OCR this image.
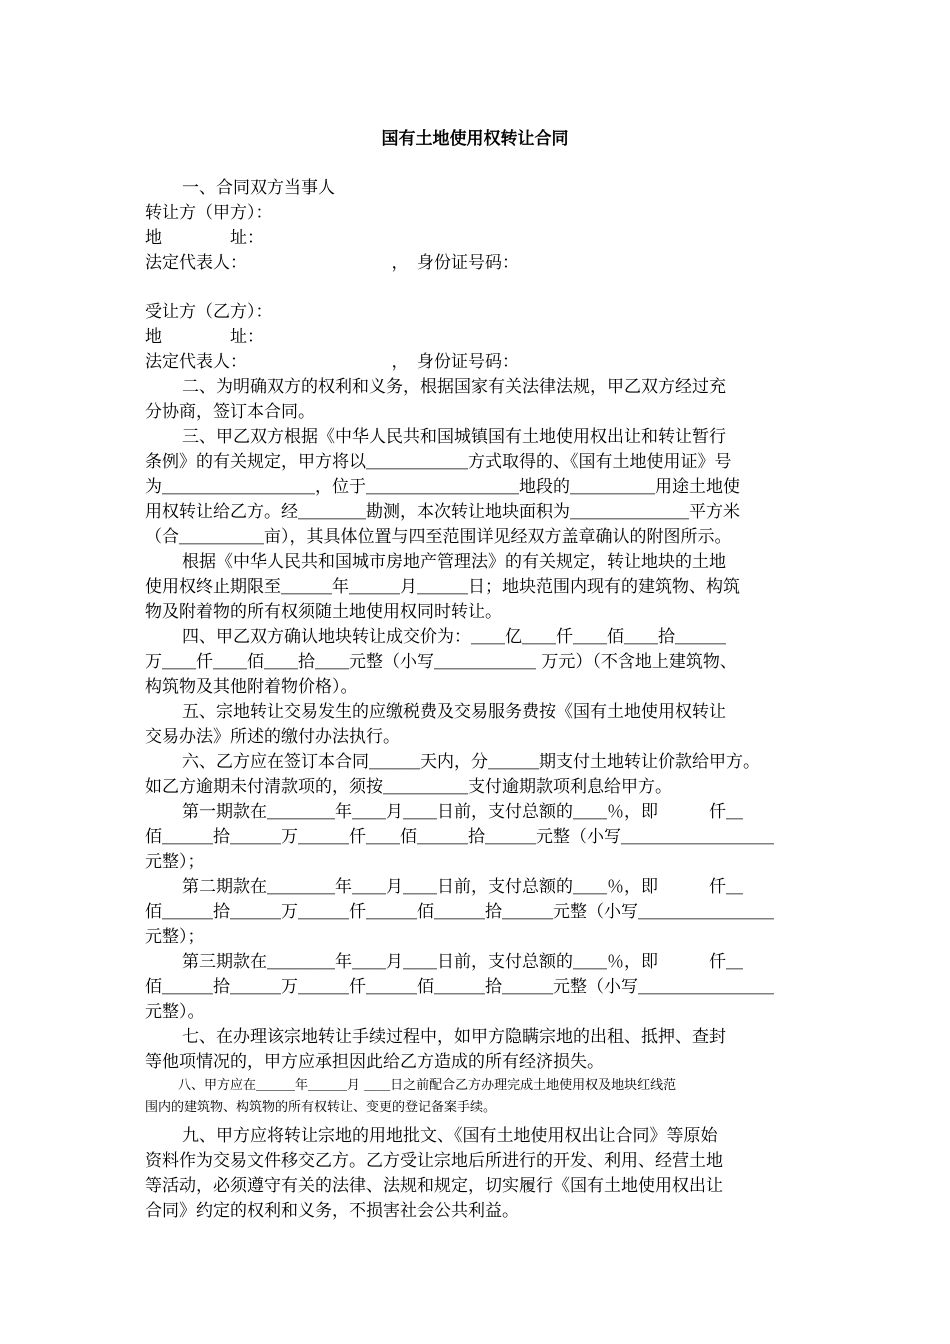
国有土地使用权转让合同
一、合同双方当事人
转让方（甲方）：
地　　　　址：
法定代表人：　　　　　　　　　，　身份证号码：
受让方（乙方）：
地　　　　址：
法定代表人：　　　　　　　　　，　身份证号码：
二、为明确双方的权利和义务，根据国家有关法律法规，甲乙双方经过充
分协商，签订本合同。
三、甲乙双方根据《中华人民共和国城镇国有土地使用权出让和转让暂行
条例》的有关规定，甲方将以＿＿＿＿＿＿方式取得的、《国有土地使用证》号
为＿＿＿＿＿＿＿＿＿，位于＿＿＿＿＿＿＿＿＿地段的＿＿＿＿＿用途土地使
用权转让给乙方。经＿＿＿＿勘测，本次转让地块面积为＿＿＿＿＿＿＿平方米
（合＿＿＿＿＿亩），其具体位置与四至范围详见经双方盖章确认的附图所示。
根据《中华人民共和国城市房地产管理法》的有关规定，转让地块的土地
使用权终止期限至＿＿＿年＿＿＿月＿＿＿日；地块范围内现有的建筑物、构筑
物及附着物的所有权须随土地使用权同时转让。
四、甲乙双方确认地块转让成交价为：＿＿亿＿＿仟＿＿佰＿＿拾＿＿＿
万＿＿仟＿＿佰＿＿拾＿＿元整（小写＿＿＿＿＿＿ 万元）（不含地上建筑物、
构筑物及其他附着物价格）。
五、宗地转让交易发生的应缴税费及交易服务费按《国有土地使用权转让
交易办法》所述的缴付办法执行。
六、乙方应在签订本合同＿＿＿天内，分＿＿＿期支付土地转让价款给甲方。
如乙方逾期未付清款项的，须按＿＿＿＿＿支付逾期款项利息给甲方。
第一期款在＿＿＿＿年＿＿月＿＿日前，支付总额的＿＿％，即　　　仟＿
佰＿＿＿拾＿＿＿万＿＿＿仟＿＿佰＿＿＿拾＿＿＿元整（小写＿＿＿＿＿＿＿＿＿
元整）；
第二期款在＿＿＿＿年＿＿月＿＿日前，支付总额的＿＿％，即　　　仟＿
佰＿＿＿拾＿＿＿万＿＿＿仟＿＿＿佰＿＿＿拾＿＿＿元整（小写＿＿＿＿＿＿＿＿
元整）；
第三期款在＿＿＿＿年＿＿月＿＿日前，支付总额的＿＿％，即　　　仟＿
佰＿＿＿拾＿＿＿万＿＿＿仟＿＿＿佰＿＿＿拾＿＿＿元整（小写＿＿＿＿＿＿＿＿
元整）。
七、在办理该宗地转让手续过程中，如甲方隐瞒宗地的出租、抵押、查封
等他项情况的，甲方应承担因此给乙方造成的所有经济损失。
八、甲方应在＿＿＿年＿＿＿月 ＿＿日之前配合乙方办理完成土地使用权及地块红线范
围内的建筑物、构筑物的所有权转让、变更的登记备案手续。
九、甲方应将转让宗地的用地批文、《国有土地使用权出让合同》等原始
资料作为交易文件移交乙方。乙方受让宗地后所进行的开发、利用、经营土地
等活动，必须遵守有关的法律、法规和规定，切实履行《国有土地使用权出让
合同》约定的权利和义务，不损害社会公共利益。
